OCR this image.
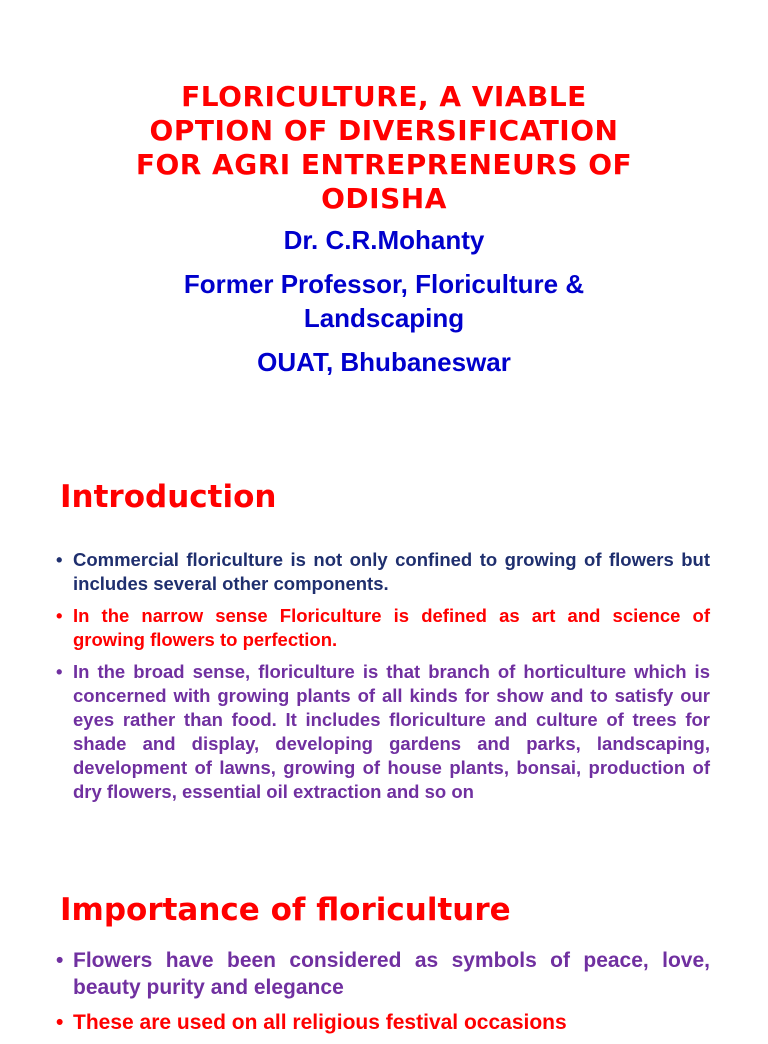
FLORICULTURE, A VIABLE
OPTION OF DIVERSIFICATION
FOR AGRI ENTREPRENEURS OF
ODISHA
Dr. C.R.Mohanty
Former Professor, Floriculture &
Landscaping
OUAT, Bhubaneswar
Introduction
• Commercial floriculture is not only confined to growing of flowers but includes several other components.
• In the narrow sense Floriculture is defined as art and science of growing flowers to perfection.
• In the broad sense, floriculture is that branch of horticulture which is concerned with growing plants of all kinds for show and to satisfy our eyes rather than food. It includes floriculture and culture of trees for shade and display, developing gardens and parks, landscaping, development of lawns, growing of house plants, bonsai, production of dry flowers, essential oil extraction and so on
Importance of floriculture
• Flowers have been considered as symbols of peace, love, beauty purity and elegance
• These are used on all religious festival occasions
